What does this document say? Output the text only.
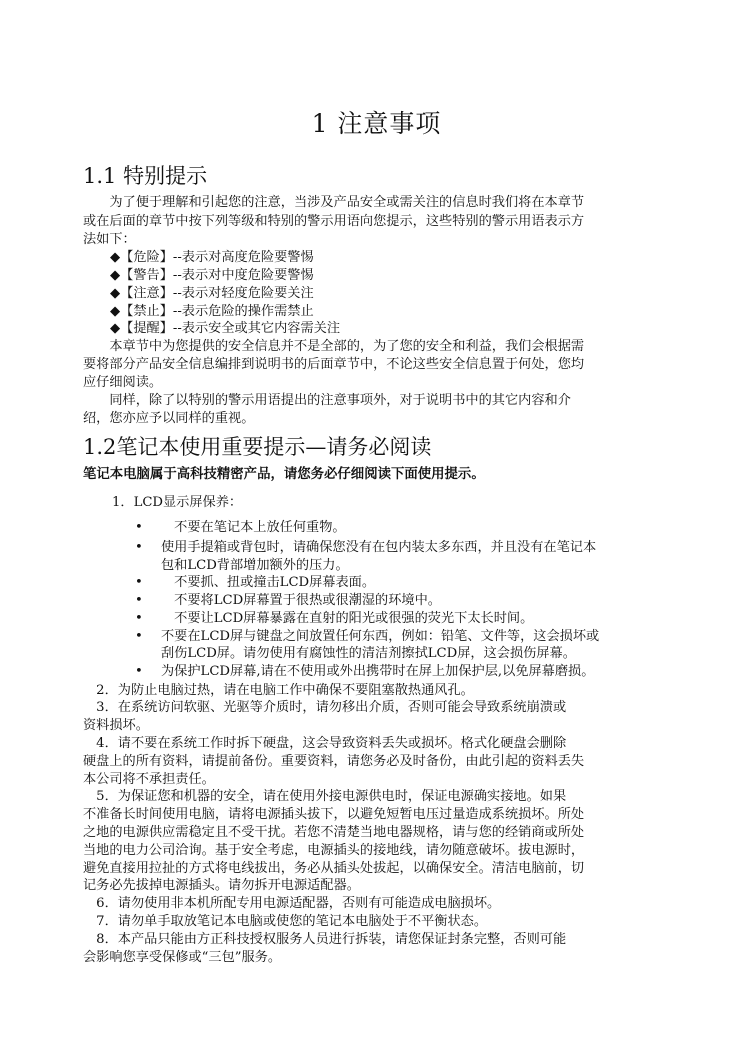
1 注意事项
1.1 特别提示

　　为了便于理解和引起您的注意，当涉及产品安全或需关注的信息时我们将在本章节

或在后面的章节中按下列等级和特别的警示用语向您提示，这些特别的警示用语表示方

法如下：

◆【危险】--表示对高度危险要警惕

◆【警告】--表示对中度危险要警惕

◆【注意】--表示对轻度危险要关注

◆【禁止】--表示危险的操作需禁止

◆【提醒】--表示安全或其它内容需关注

　　本章节中为您提供的安全信息并不是全部的，为了您的安全和利益，我们会根据需

要将部分产品安全信息编排到说明书的后面章节中，不论这些安全信息置于何处，您均

应仔细阅读。

　　同样，除了以特别的警示用语提出的注意事项外，对于说明书中的其它内容和介

绍，您亦应予以同样的重视。

1.2笔记本使用重要提示—请务必阅读

笔记本电脑属于高科技精密产品，请您务必仔细阅读下面使用提示。

1．LCD显示屏保养：

• 　不要在笔记本上放任何重物。
• 使用手提箱或背包时，请确保您没有在包内装太多东西，并且没有在笔记本
包和LCD背部增加额外的压力。
• 　不要抓、扭或撞击LCD屏幕表面。
• 　不要将LCD屏幕置于很热或很潮湿的环境中。
• 　不要让LCD屏幕暴露在直射的阳光或很强的荧光下太长时间。
• 不要在LCD屏与键盘之间放置任何东西，例如：铅笔、文件等，这会损坏或
刮伤LCD屏。请勿使用有腐蚀性的清洁剂擦拭LCD屏，这会损伤屏幕。
• 为保护LCD屏幕,请在不使用或外出携带时在屏上加保护层,以免屏幕磨损。

　2．为防止电脑过热，请在电脑工作中确保不要阻塞散热通风孔。

　3．在系统访问软驱、光驱等介质时，请勿移出介质，否则可能会导致系统崩溃或

资料损坏。

　4．请不要在系统工作时拆下硬盘，这会导致资料丢失或损坏。格式化硬盘会删除

硬盘上的所有资料，请提前备份。重要资料，请您务必及时备份，由此引起的资料丢失

本公司将不承担责任。

　5．为保证您和机器的安全，请在使用外接电源供电时，保证电源确实接地。如果

不准备长时间使用电脑，请将电源插头拔下，以避免短暂电压过量造成系统损坏。所处

之地的电源供应需稳定且不受干扰。若您不清楚当地电器规格，请与您的经销商或所处

当地的电力公司洽询。基于安全考虑，电源插头的接地线，请勿随意破坏。拔电源时，

避免直接用拉扯的方式将电线拔出，务必从插头处拔起，以确保安全。清洁电脑前，切

记务必先拔掉电源插头。请勿拆开电源适配器。

　6．请勿使用非本机所配专用电源适配器，否则有可能造成电脑损坏。

　7．请勿单手取放笔记本电脑或使您的笔记本电脑处于不平衡状态。

　8．本产品只能由方正科技授权服务人员进行拆装，请您保证封条完整，否则可能

会影响您享受保修或“三包”服务。
